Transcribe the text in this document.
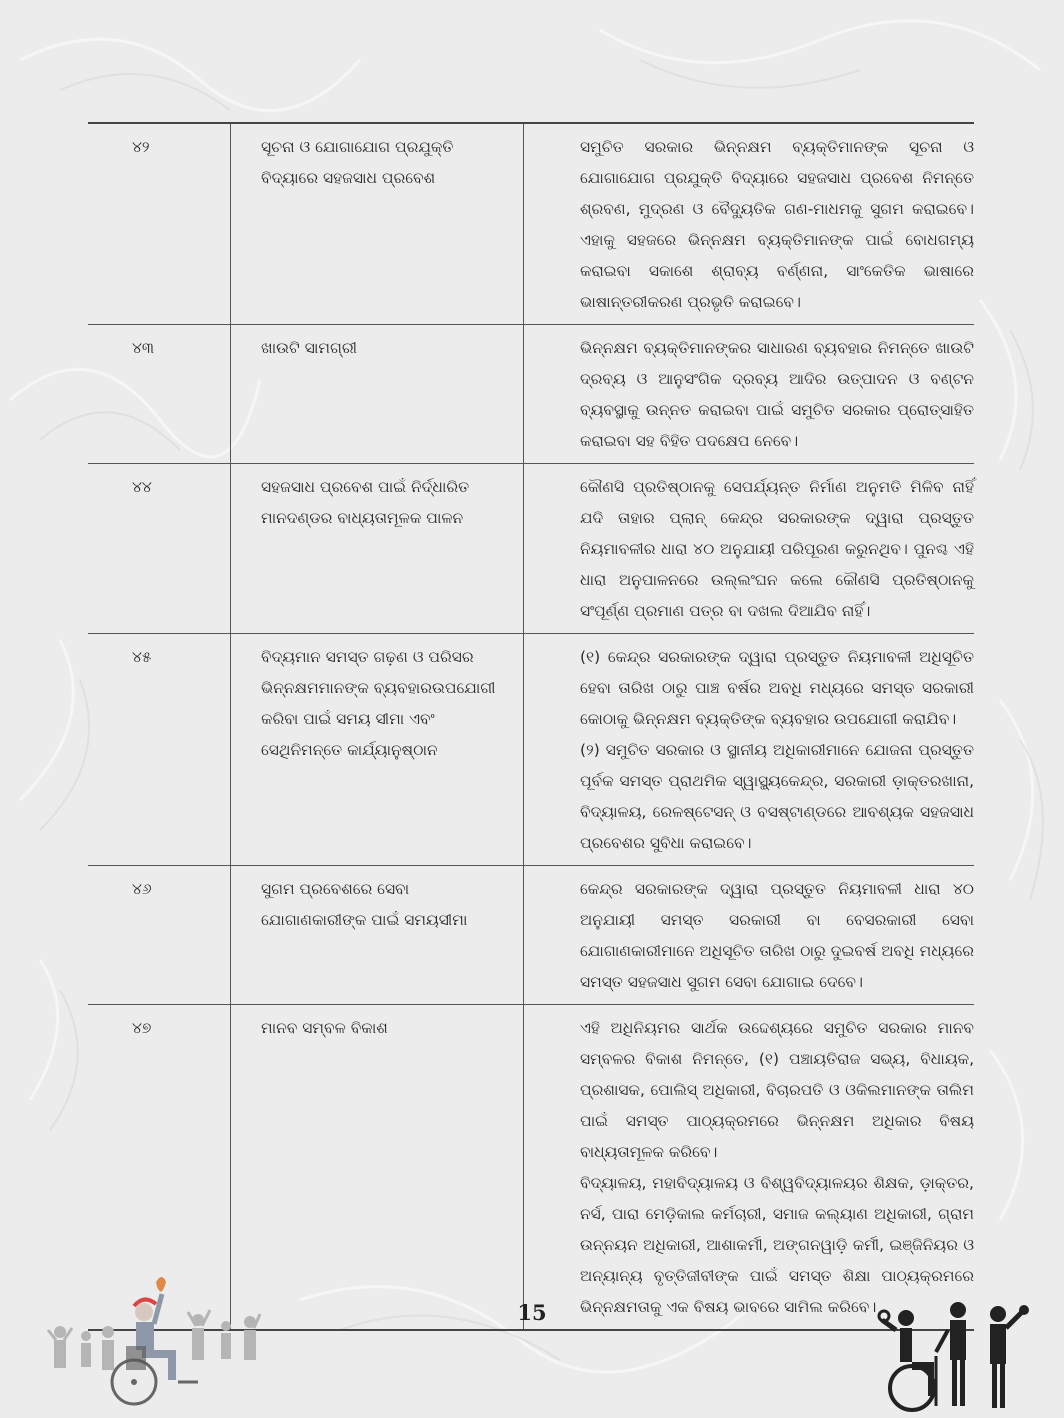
୪୨	ସୂଚନା ଓ ଯୋଗାଯୋଗ ପ୍ରଯୁକ୍ତି ବିଦ୍ୟାରେ ସହଜସାଧ ପ୍ରବେଶ	ସମୁଚିତ ସରକାର ଭିନ୍ନକ୍ଷମ ବ୍ୟକ୍ତିମାନଙ୍କ ସୂଚନା ଓ ଯୋଗାଯୋଗ ପ୍ରଯୁକ୍ତି ବିଦ୍ୟାରେ ସହଜସାଧ ପ୍ରବେଶ ନିମନ୍ତେ ଶ୍ରବଣ, ମୁଦ୍ରଣ ଓ ବୈଦ୍ୟୁତିକ ଗଣ-ମାଧମକୁ ସୁଗମ କରାଇବେ। ଏହାକୁ ସହଜରେ ଭିନ୍ନକ୍ଷମ ବ୍ୟକ୍ତିମାନଙ୍କ ପାଇଁ ବୋଧଗମ୍ୟ କରାଇବା ସକାଶେ ଶ୍ରାବ୍ୟ ବର୍ଣ୍ଣନା, ସାଂକେତିକ ଭାଷାରେ ଭାଷାନ୍ତରୀକରଣ ପ୍ରଭୃତି କରାଇବେ।

୪୩	ଖାଉଟି ସାମଗ୍ରୀ	ଭିନ୍ନକ୍ଷମ ବ୍ୟକ୍ତିମାନଙ୍କର ସାଧାରଣ ବ୍ୟବହାର ନିମନ୍ତେ ଖାଉଟି ଦ୍ରବ୍ୟ ଓ ଆନୁସଂଗିକ ଦ୍ରବ୍ୟ ଆଦିର ଉତ୍ପାଦନ ଓ ବଣ୍ଟନ ବ୍ୟବସ୍ଥାକୁ ଉନ୍ନତ କରାଇବା ପାଇଁ ସମୁଚିତ ସରକାର ପ୍ରୋତ୍ସାହିତ କରାଇବା ସହ ବିହିତ ପଦକ୍ଷେପ ନେବେ।

୪୪	ସହଜସାଧ ପ୍ରବେଶ ପାଇଁ ନିର୍ଦ୍ଧାରିତ ମାନଦଣ୍ଡର ବାଧ୍ୟତାମୂଳକ ପାଳନ	କୌଣସି ପ୍ରତିଷ୍ଠାନକୁ ସେପର୍ଯ୍ୟନ୍ତ ନିର୍ମାଣ ଅନୁମତି ମିଳିବ ନାହିଁ ଯଦି ତାହାର ପ୍ଲାନ୍ କେନ୍ଦ୍ର ସରକାରଙ୍କ ଦ୍ୱାରା ପ୍ରସ୍ତୁତ ନିୟମାବଳୀର ଧାରା ୪୦ ଅନୁଯାୟୀ ପରିପୂରଣ କରୁନଥିବ। ପୁନଶ୍ଚ ଏହି ଧାରା ଅନୁପାଳନରେ ଉଲ୍ଲଂଘନ କଲେ କୌଣସି ପ୍ରତିଷ୍ଠାନକୁ ସଂପୂର୍ଣ୍ଣ ପ୍ରମାଣ ପତ୍ର ବା ଦଖଲ ଦିଆଯିବ ନାହିଁ।

୪୫	ବିଦ୍ୟମାନ ସମସ୍ତ ଗଢ଼ଣ ଓ ପରିସର ଭିନ୍ନକ୍ଷମମାନଙ୍କ ବ୍ୟବହାରଉପଯୋଗୀ କରିବା ପାଇଁ ସମୟ ସୀମା ଏବଂ ସେଥିନିମନ୍ତେ କାର୍ଯ୍ୟାନୁଷ୍ଠାନ	(୧) କେନ୍ଦ୍ର ସରକାରଙ୍କ ଦ୍ୱାରା ପ୍ରସ୍ତୁତ ନିୟମାବଳୀ ଅଧିସୂଚିତ ହେବା ତାରିଖ ଠାରୁ ପାଞ୍ଚ ବର୍ଷର ଅବଧି ମଧ୍ୟରେ ସମସ୍ତ ସରକାରୀ କୋଠାକୁ ଭିନ୍ନକ୍ଷମ ବ୍ୟକ୍ତିଙ୍କ ବ୍ୟବହାର ଉପଯୋଗୀ କରାଯିବ।
(୨) ସମୁଚିତ ସରକାର ଓ ସ୍ଥାନୀୟ ଅଧିକାରୀମାନେ ଯୋଜନା ପ୍ରସ୍ତୁତ ପୂର୍ବକ ସମସ୍ତ ପ୍ରାଥମିକ ସ୍ୱାସ୍ଥ୍ୟକେନ୍ଦ୍ର, ସରକାରୀ ଡ଼ାକ୍ତରଖାନା, ବିଦ୍ୟାଳୟ, ରେଳଷ୍ଟେସନ୍ ଓ ବସଷ୍ଟାଣ୍ଡରେ ଆବଶ୍ୟକ ସହଜସାଧ ପ୍ରବେଶର ସୁବିଧା କରାଇବେ।

୪୬	ସୁଗମ ପ୍ରବେଶରେ ସେବା ଯୋଗାଣକାରୀଙ୍କ ପାଇଁ ସମୟସୀମା	କେନ୍ଦ୍ର ସରକାରଙ୍କ ଦ୍ୱାରା ପ୍ରସ୍ତୁତ ନିୟମାବଳୀ ଧାରା ୪୦ ଅନୁଯାୟୀ ସମସ୍ତ ସରକାରୀ ବା ବେସରକାରୀ ସେବା ଯୋଗାଣକାରୀମାନେ ଅଧିସୂଚିତ ତାରିଖ ଠାରୁ ଦୁଇବର୍ଷ ଅବଧି ମଧ୍ୟରେ ସମସ୍ତ ସହଜସାଧ ସୁଗମ ସେବା ଯୋଗାଇ ଦେବେ।

୪୭	ମାନବ ସମ୍ବଳ ବିକାଶ	ଏହି ଅଧିନିୟମର ସାର୍ଥକ ଉଦ୍ଦେଶ୍ୟରେ ସମୁଚିତ ସରକାର ମାନବ ସମ୍ବଳର ବିକାଶ ନିମନ୍ତେ, (୧) ପଞ୍ଚାୟତିରାଜ ସଭ୍ୟ, ବିଧାୟକ, ପ୍ରଶାସକ, ପୋଲିସ୍ ଅଧିକାରୀ, ବିଚାରପତି ଓ ଓକିଲମାନଙ୍କ ତାଲିମ ପାଇଁ ସମସ୍ତ ପାଠ୍ୟକ୍ରମରେ ଭିନ୍ନକ୍ଷମ ଅଧିକାର ବିଷୟ ବାଧ୍ୟତାମୂଳକ କରିବେ।
ବିଦ୍ୟାଳୟ, ମହାବିଦ୍ୟାଳୟ ଓ ବିଶ୍ୱବିଦ୍ୟାଳୟର ଶିକ୍ଷକ, ଡ଼ାକ୍ତର, ନର୍ସ, ପାରା ମେଡ଼ିକାଲ କର୍ମଚାରୀ, ସମାଜ କଲ୍ୟାଣ ଅଧିକାରୀ, ଗ୍ରାମ ଉନ୍ନୟନ ଅଧିକାରୀ, ଆଶାକର୍ମୀ, ଅଙ୍ଗନୱାଡ଼ି କର୍ମୀ, ଇଞ୍ଜିନିୟର ଓ ଅନ୍ୟାନ୍ୟ ବୃତ୍ତିଜୀବୀଙ୍କ ପାଇଁ ସମସ୍ତ ଶିକ୍ଷା ପାଠ୍ୟକ୍ରମରେ ଭିନ୍ନକ୍ଷମତାକୁ ଏକ ବିଷୟ ଭାବରେ ସାମିଲ କରିବେ।
15
